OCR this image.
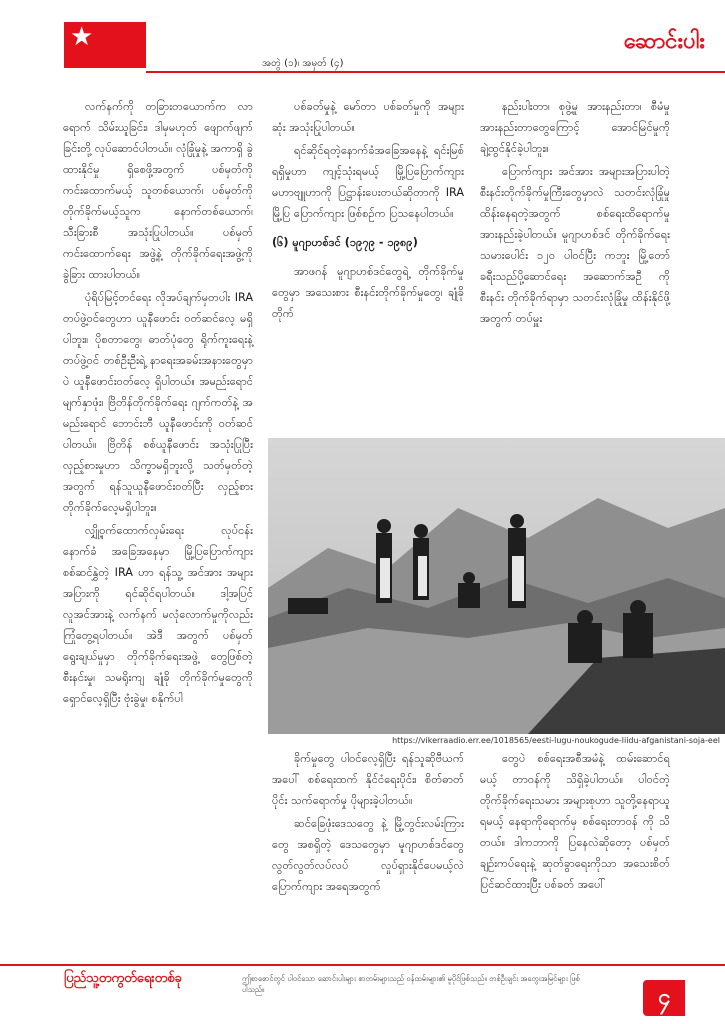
★
အတွဲ (၁)၊ အမှတ် (၄)
ဆောင်းပါး

လက်နက်ကို တခြားတယောက်က လာရောက် သိမ်းယူခြင်း၊ ဒါမှမဟုတ် ဖျောက်ဖျက်ခြင်းတို့ လုပ်ဆောင်ပါတယ်။ လုံခြုံမှုနဲ့ အကာရှိ ခွဲထားနိုင်မှု ရှိစေဖို့အတွက် ပစ်မှတ်ကို ကင်းထောက်မယ့် သူတစ်ယောက်၊ ပစ်မှတ်ကို တိုက်ခိုက်မယ့်သူက နောက်တစ်ယောက်၊ သီးခြားစီ အသုံးပြုပါတယ်။ ပစ်မှတ် ကင်းထောက်ရေး အဖွဲ့နဲ့ တိုက်ခိုက်ရေးအဖွဲ့ကို ခွဲခြား ထားပါတယ်။

ပုံရိပ်မြင့်တင်ရေး လိုအပ်ချက်မှတပါး IRA တပ်ဖွဲ့ဝင်တွေဟာ ယူနီဖောင်း ဝတ်ဆင်လေ့ မရှိပါဘူး။ ပိုစတာတွေ၊ ဓာတ်ပုံတွေ ရိုက်ကူးရေးနဲ့ တပ်ဖွဲ့ဝင် တစ်ဦးဦးရဲ့ နာရေးအခမ်းအနားတွေမှာပဲ ယူနီဖောင်းဝတ်လေ့ ရှိပါတယ်။ အမည်းရောင် မျက်နှာဖုံး၊ ဗြိတိန်တိုက်ခိုက်ရေး ဂျက်ကတ်နဲ့ အမည်းရောင် ဘောင်းဘီ ယူနီဖောင်းကို ဝတ်ဆင်ပါတယ်။ ဗြိတိန် စစ်ယူနီဖောင်း အသုံးပြုပြီး လှည့်စားမှုဟာ သိက္ခာမရှိဘူးလို့ သတ်မှတ်တဲ့အတွက် ရန်သူယူနီဖောင်းဝတ်ပြီး လှည့်စား တိုက်ခိုက်လေ့မရှိပါဘူး။

လျှို့ဝှက်ထောက်လှမ်းရေး လုပ်ငန်း နောက်ခံ အခြေအနေမှာ မြို့ပြပြောက်ကျား စစ်ဆင်နွှဲတဲ့ IRA ဟာ ရန်သူ့ အင်အား အများအပြားကို ရင်ဆိုင်ရပါတယ်။ ဒါ့အပြင် လူအင်အားနဲ့ လက်နက် မလုံလောက်မှုကိုလည်း ကြုံတွေ့ရပါတယ်။ အဲဒီ အတွက် ပစ်မှတ်ရွေးချယ်မှုမှာ တိုက်ခိုက်ရေးအဖွဲ့ တွေဖြစ်တဲ့ စီးနင်းမှု၊ သမရိုးကျ ချုံခို တိုက်ခိုက်မှုတွေကို ရှောင်လေ့ရှိပြီး ဗုံးခွဲမှု၊ စနိုက်ပါ

ပစ်ခတ်မှုနဲ့ မော်တာ ပစ်ခတ်မှုကို အများဆုံး အသုံးပြုပါတယ်။

ရင်ဆိုင်ရတဲ့နောက်ခံအခြေအနေနဲ့ ရင်းမြစ်ရရှိမှုဟာ ကျင့်သုံးရမယ့် မြို့ပြပြောက်ကျား မဟာဗျူဟာကို ပြဋ္ဌာန်းပေးတယ်ဆိုတာကို IRA မြို့ပြ ပြောက်ကျား ဖြစ်စဉ်က ပြသနေပါတယ်။

(၆) မူဂျာဟစ်ဒင် (၁၉၇၉ - ၁၉၈၉)

အာဖဂန် မူဂျာဟစ်ဒင်တွေရဲ့ တိုက်ခိုက်မှုတွေမှာ အသေးစား စီးနင်းတိုက်ခိုက်မှုတွေ၊ ချုံခို တိုက်

နည်းပါးတာ၊ စုဖွဲ့မှု အားနည်းတာ၊ စီမံမှု အားနည်းတာတွေကြောင့် အောင်မြင်မှုကို ချဲ့ထွင်နိုင်ခဲ့ပါဘူး။

ပြောက်ကျား အင်အား အများအပြားပါတဲ့ စီးနင်းတိုက်ခိုက်မှုကြီးတွေမှာလဲ သတင်းလုံခြုံမှု ထိန်းနေရတဲ့အတွက် စစ်ရေးထိရောက်မှု အားနည်းခဲ့ပါတယ်။ မူဂျာဟစ်ဒင် တိုက်ခိုက်ရေးသမားပေါင်း ၁၂၀ ပါဝင်ပြီး ကဘူး မြို့တော် ခရီးသည်ပို့ဆောင်ရေး အဆောက်အဦ ကို စီးနင်း တိုက်ခိုက်ရာမှာ သတင်းလုံခြုံမှု ထိန်းနိုင်ဖို့အတွက် တပ်မှူး

https://vikerraadio.err.ee/1018565/eesti-lugu-noukogude-liidu-afganistani-soja-eel

ခိုက်မှုတွေ ပါဝင်လေ့ရှိပြီး ရန်သူဆိုဗီယက်အပေါ် စစ်ရေးထက် နိုင်ငံရေးပိုင်း၊ စိတ်ဓာတ်ပိုင်း သက်ရောက်မှု ပိုများခဲ့ပါတယ်။

ဆင်ခြေဖုံးဒေသတွေ နဲ့ မြို့တွင်းလမ်းကြားတွေ အစရှိတဲ့ ဒေသတွေမှာ မူဂျာဟစ်ဒင်တွေ လွတ်လွတ်လပ်လပ် လှုပ်ရှားနိုင်ပေမယ့်လဲ ပြောက်ကျား အရေအတွက်

တွေပဲ စစ်ရေးအစီအမံနဲ့ ထမ်းဆောင်ရမယ့် တာဝန်ကို သိရှိခဲ့ပါတယ်။ ပါဝင်တဲ့ တိုက်ခိုက်ရေးသမား အများစုဟာ သူတို့နေရာယူရမယ့် နေရာကိုရောက်မှ စစ်ရေးတာဝန် ကို သိတယ်။ ဒါကဘာကို ပြနေလဲဆိုတော့ ပစ်မှတ်ချဉ်းကပ်ရေးနဲ့ ဆုတ်ခွာရေးကိုသာ အသေးစိတ် ပြင်ဆင်ထားပြီး ပစ်ခတ် အပေါ်

ပြည်သူ့တကွတ်ရေးတစ်ခု	ဤစာစောင်တွင် ပါဝင်သော ဆောင်းပါးများ စာတမ်းများသည် ဝန်ထမ်းများ၏ မူပိုင်ဖြစ်သည်။ တစ်ဦးချင်း အတွေးအမြင်များ ဖြစ်ပါသည်။	၄
